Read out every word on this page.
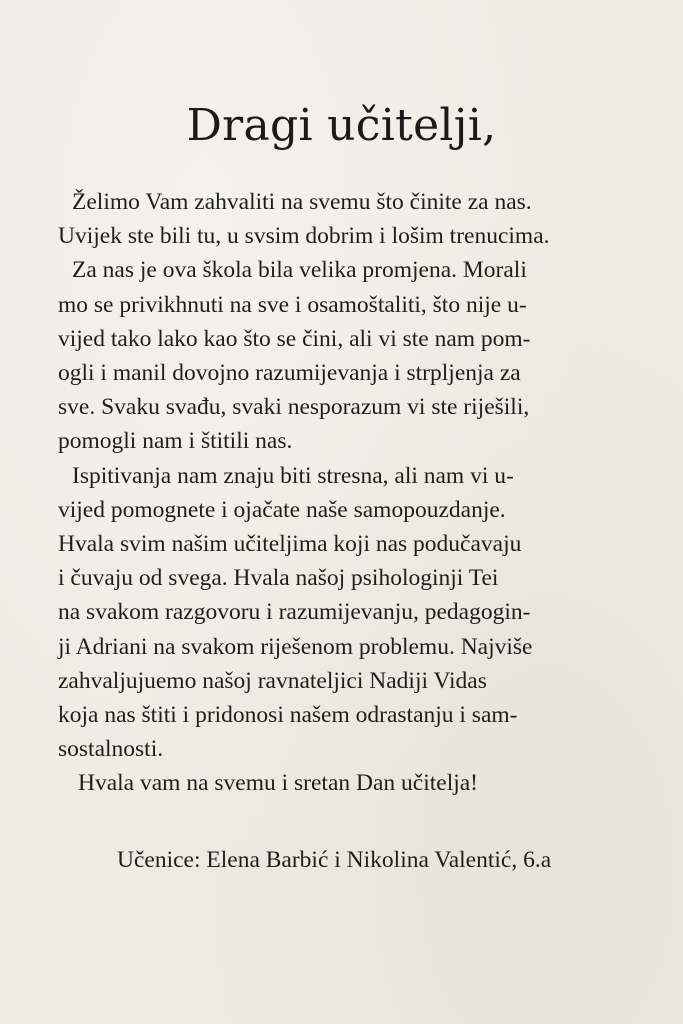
Dragi učitelji,
Želimo Vam zahvaliti na svemu što činite za nas.
Uvijek ste bili tu, u svsim dobrim i lošim trenucima.
Za nas je ova škola bila velika promjena. Morali
mo se privikhnuti na sve i osamoštaliti, što nije u-
vijed tako lako kao što se čini, ali vi ste nam pom-
ogli i manil dovojno razumijevanja i strpljenja za
sve. Svaku svađu, svaki nesporazum vi ste riješili,
pomogli nam i štitili nas.
Ispitivanja nam znaju biti stresna, ali nam vi u-
vijed pomognete i ojačate naše samopouzdanje.
Hvala svim našim učiteljima koji nas podučavaju
i čuvaju od svega. Hvala našoj psihologinji Tei
na svakom razgovoru i razumijevanju, pedagogin-
ji Adriani na svakom riješenom problemu. Najviše
zahvaljujuemo našoj ravnateljici Nadiji Vidas
koja nas štiti i pridonosi našem odrastanju i sam-
sostalnosti.
Hvala vam na svemu i sretan Dan učitelja!
Učenice: Elena Barbić i Nikolina Valentić, 6.a
